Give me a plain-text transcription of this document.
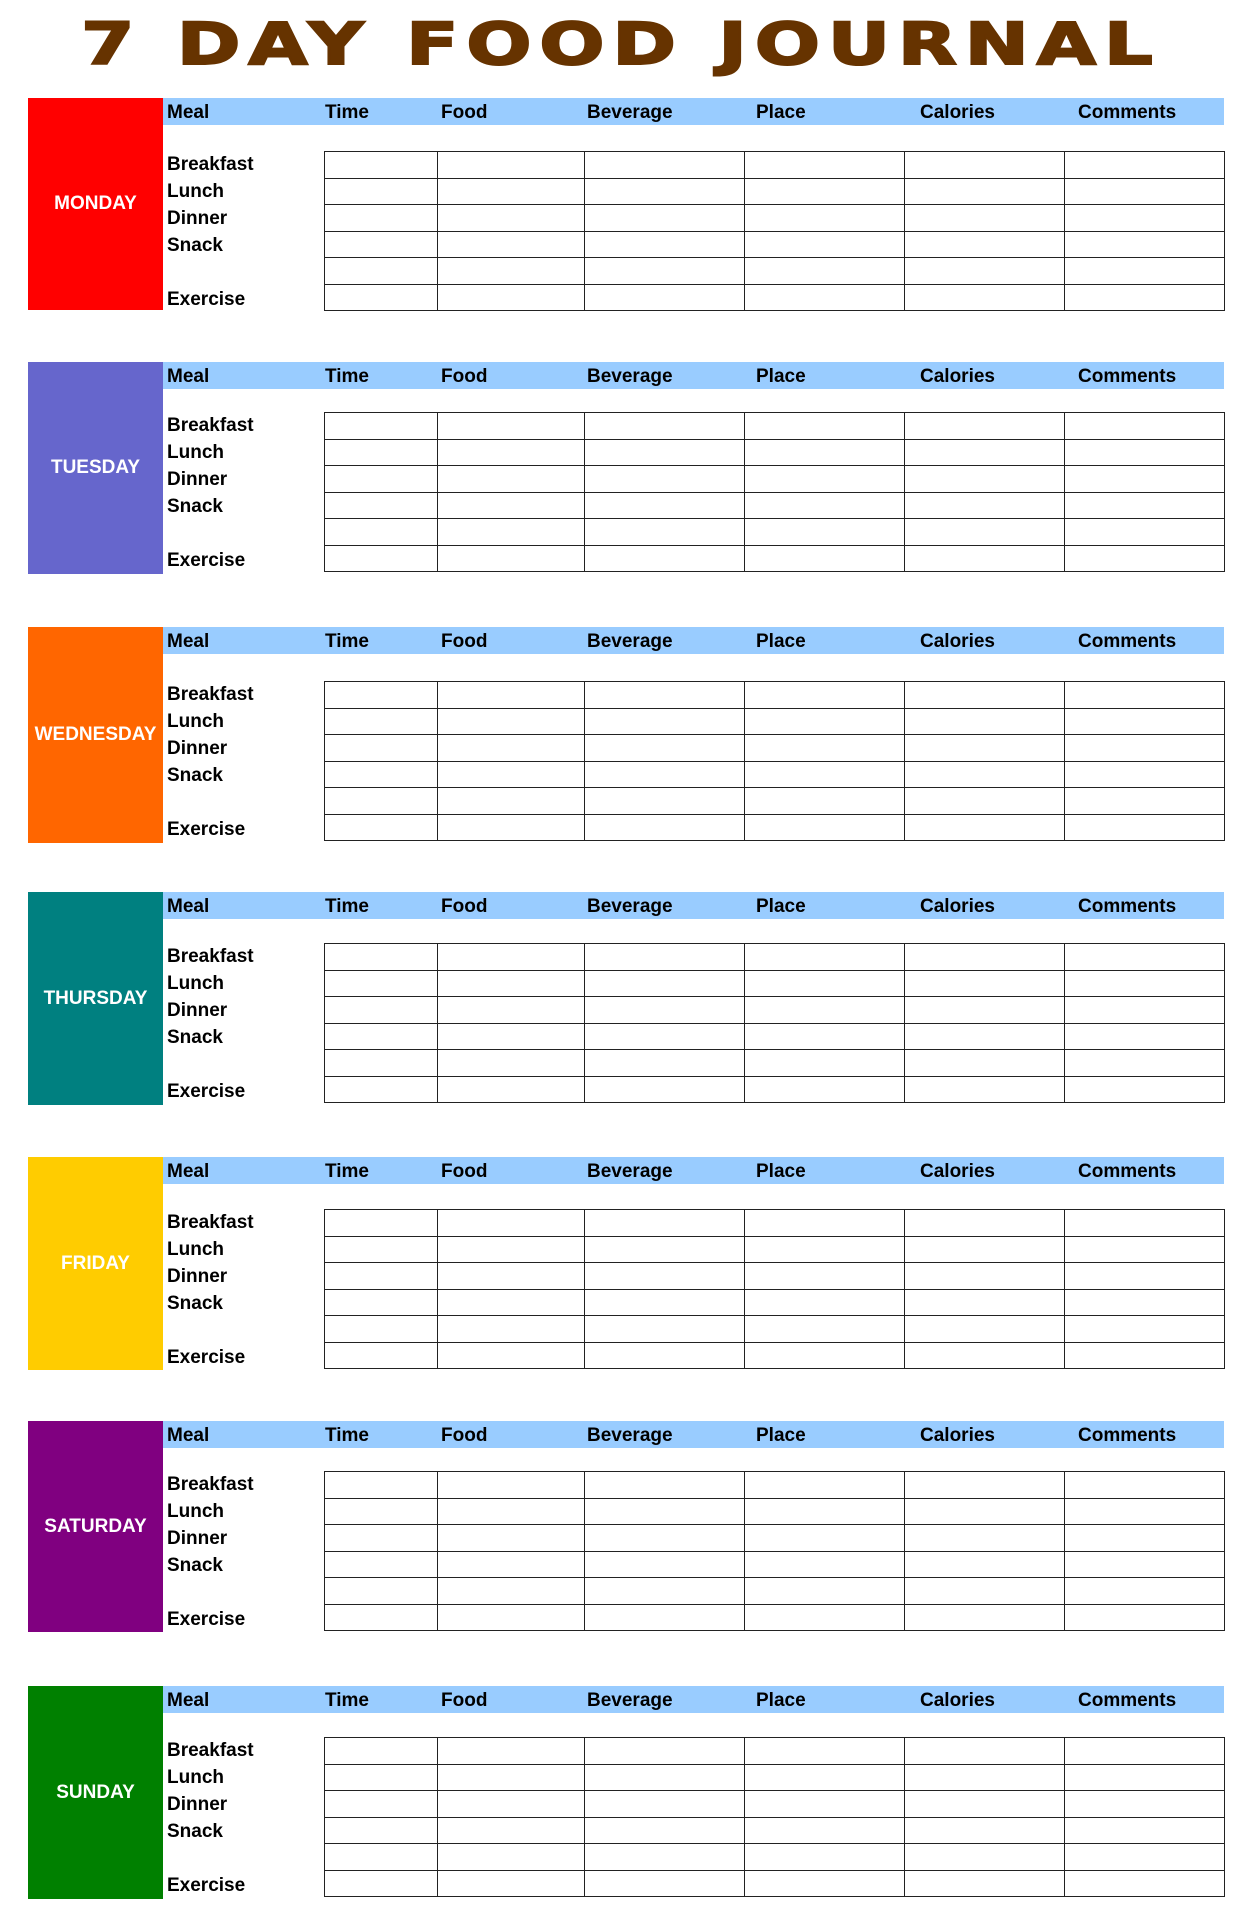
7 DAY FOOD JOURNAL
MONDAY
Meal	Time	Food	Beverage	Place	Calories	Comments
Breakfast
Lunch
Dinner
Snack
Exercise

TUESDAY
Meal	Time	Food	Beverage	Place	Calories	Comments
Breakfast
Lunch
Dinner
Snack
Exercise

WEDNESDAY
Meal	Time	Food	Beverage	Place	Calories	Comments
Breakfast
Lunch
Dinner
Snack
Exercise

THURSDAY
Meal	Time	Food	Beverage	Place	Calories	Comments
Breakfast
Lunch
Dinner
Snack
Exercise

FRIDAY
Meal	Time	Food	Beverage	Place	Calories	Comments
Breakfast
Lunch
Dinner
Snack
Exercise

SATURDAY
Meal	Time	Food	Beverage	Place	Calories	Comments
Breakfast
Lunch
Dinner
Snack
Exercise

SUNDAY
Meal	Time	Food	Beverage	Place	Calories	Comments
Breakfast
Lunch
Dinner
Snack
Exercise
